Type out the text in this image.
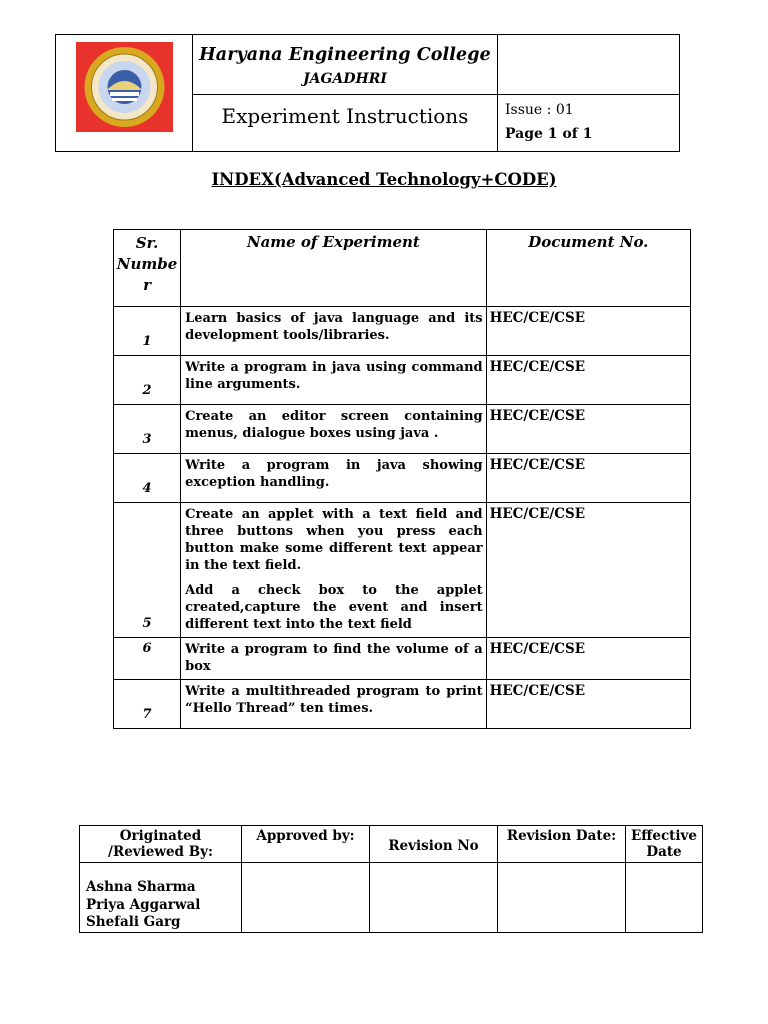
Haryana Engineering College
JAGADHRI
Experiment Instructions	Issue : 01
Page 1 of 1
INDEX(Advanced Technology+CODE)
Sr. Numbe r	Name of Experiment	Document No.
1	Learn basics of java language and its development tools/libraries.	HEC/CE/CSE
2	Write a program in java using command line arguments.	HEC/CE/CSE
3	Create an editor screen containing menus, dialogue boxes using java .	HEC/CE/CSE
4	Write a program in java showing exception handling.	HEC/CE/CSE
5	Create an applet with a text field and three buttons when you press each button make some different text appear in the text field.
Add a check box to the applet created,capture the event and insert different text into the text field	HEC/CE/CSE
6	Write a program to find the volume of a box	HEC/CE/CSE
7	Write a multithreaded program to print “Hello Thread” ten times.	HEC/CE/CSE
Originated /Reviewed By:	Approved by:	Revision No	Revision Date:	Effective Date

Ashna Sharma
Priya Aggarwal
Shefali Garg				
